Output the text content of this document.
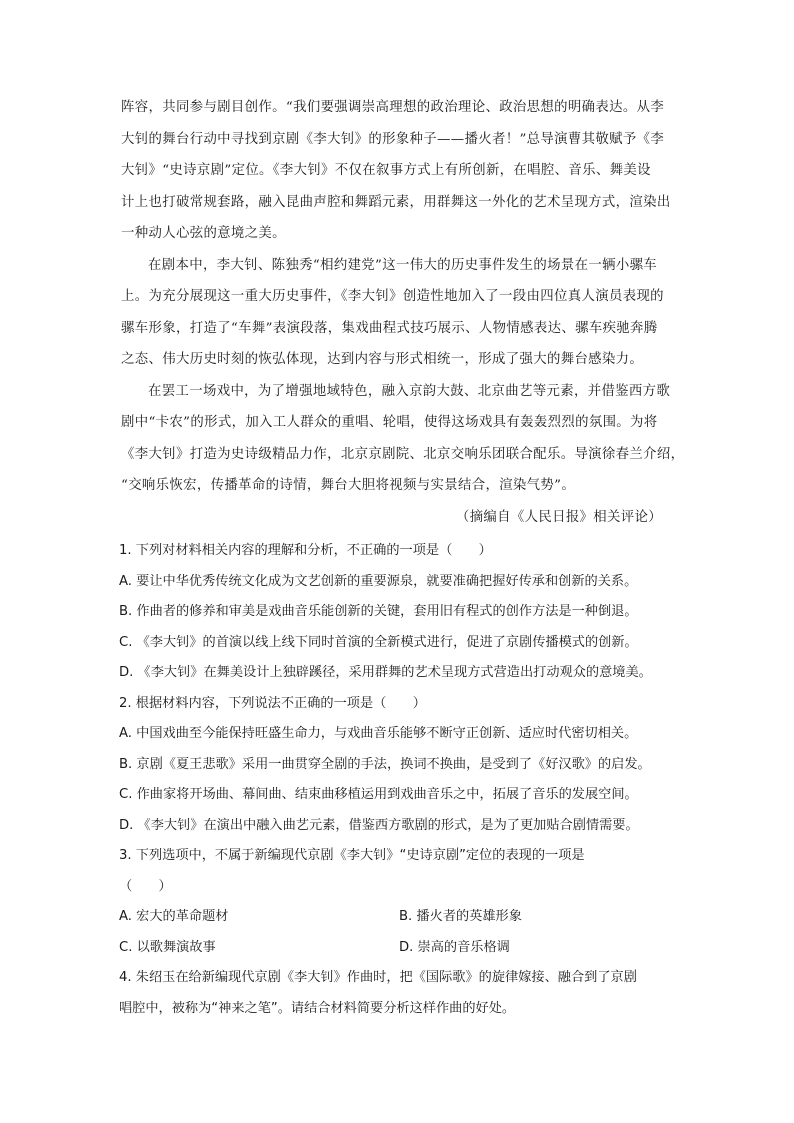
阵容，共同参与剧目创作。“我们要强调崇高理想的政治理论、政治思想的明确表达。从李
大钊的舞台行动中寻找到京剧《李大钊》的形象种子——播火者！”总导演曹其敬赋予《李
大钊》“史诗京剧”定位。《李大钊》不仅在叙事方式上有所创新，在唱腔、音乐、舞美设
计上也打破常规套路，融入昆曲声腔和舞蹈元素，用群舞这一外化的艺术呈现方式，渲染出
一种动人心弦的意境之美。
在剧本中，李大钊、陈独秀“相约建党”这一伟大的历史事件发生的场景在一辆小骡车
上。为充分展现这一重大历史事件，《李大钊》创造性地加入了一段由四位真人演员表现的
骡车形象，打造了“车舞”表演段落，集戏曲程式技巧展示、人物情感表达、骡车疾驰奔腾
之态、伟大历史时刻的恢弘体现，达到内容与形式相统一，形成了强大的舞台感染力。
在罢工一场戏中，为了增强地域特色，融入京韵大鼓、北京曲艺等元素，并借鉴西方歌
剧中“卡农”的形式，加入工人群众的重唱、轮唱，使得这场戏具有轰轰烈烈的氛围。为将
《李大钊》打造为史诗级精品力作，北京京剧院、北京交响乐团联合配乐。导演徐春兰介绍，
“交响乐恢宏，传播革命的诗情，舞台大胆将视频与实景结合，渲染气势”。
（摘编自《人民日报》相关评论）
1. 下列对材料相关内容的理解和分析，不正确的一项是（　　）
A. 要让中华优秀传统文化成为文艺创新的重要源泉，就要准确把握好传承和创新的关系。
B. 作曲者的修养和审美是戏曲音乐能创新的关键，套用旧有程式的创作方法是一种倒退。
C. 《李大钊》的首演以线上线下同时首演的全新模式进行，促进了京剧传播模式的创新。
D. 《李大钊》在舞美设计上独辟蹊径，采用群舞的艺术呈现方式营造出打动观众的意境美。
2. 根据材料内容，下列说法不正确的一项是（　　）
A. 中国戏曲至今能保持旺盛生命力，与戏曲音乐能够不断守正创新、适应时代密切相关。
B. 京剧《夏王悲歌》采用一曲贯穿全剧的手法，换词不换曲，是受到了《好汉歌》的启发。
C. 作曲家将开场曲、幕间曲、结束曲移植运用到戏曲音乐之中，拓展了音乐的发展空间。
D. 《李大钊》在演出中融入曲艺元素，借鉴西方歌剧的形式，是为了更加贴合剧情需要。
3. 下列选项中，不属于新编现代京剧《李大钊》“史诗京剧”定位的表现的一项是
（　　）
A. 宏大的革命题材	B. 播火者的英雄形象
C. 以歌舞演故事	D. 崇高的音乐格调
4. 朱绍玉在给新编现代京剧《李大钊》作曲时，把《国际歌》的旋律嫁接、融合到了京剧
唱腔中，被称为“神来之笔”。请结合材料简要分析这样作曲的好处。
